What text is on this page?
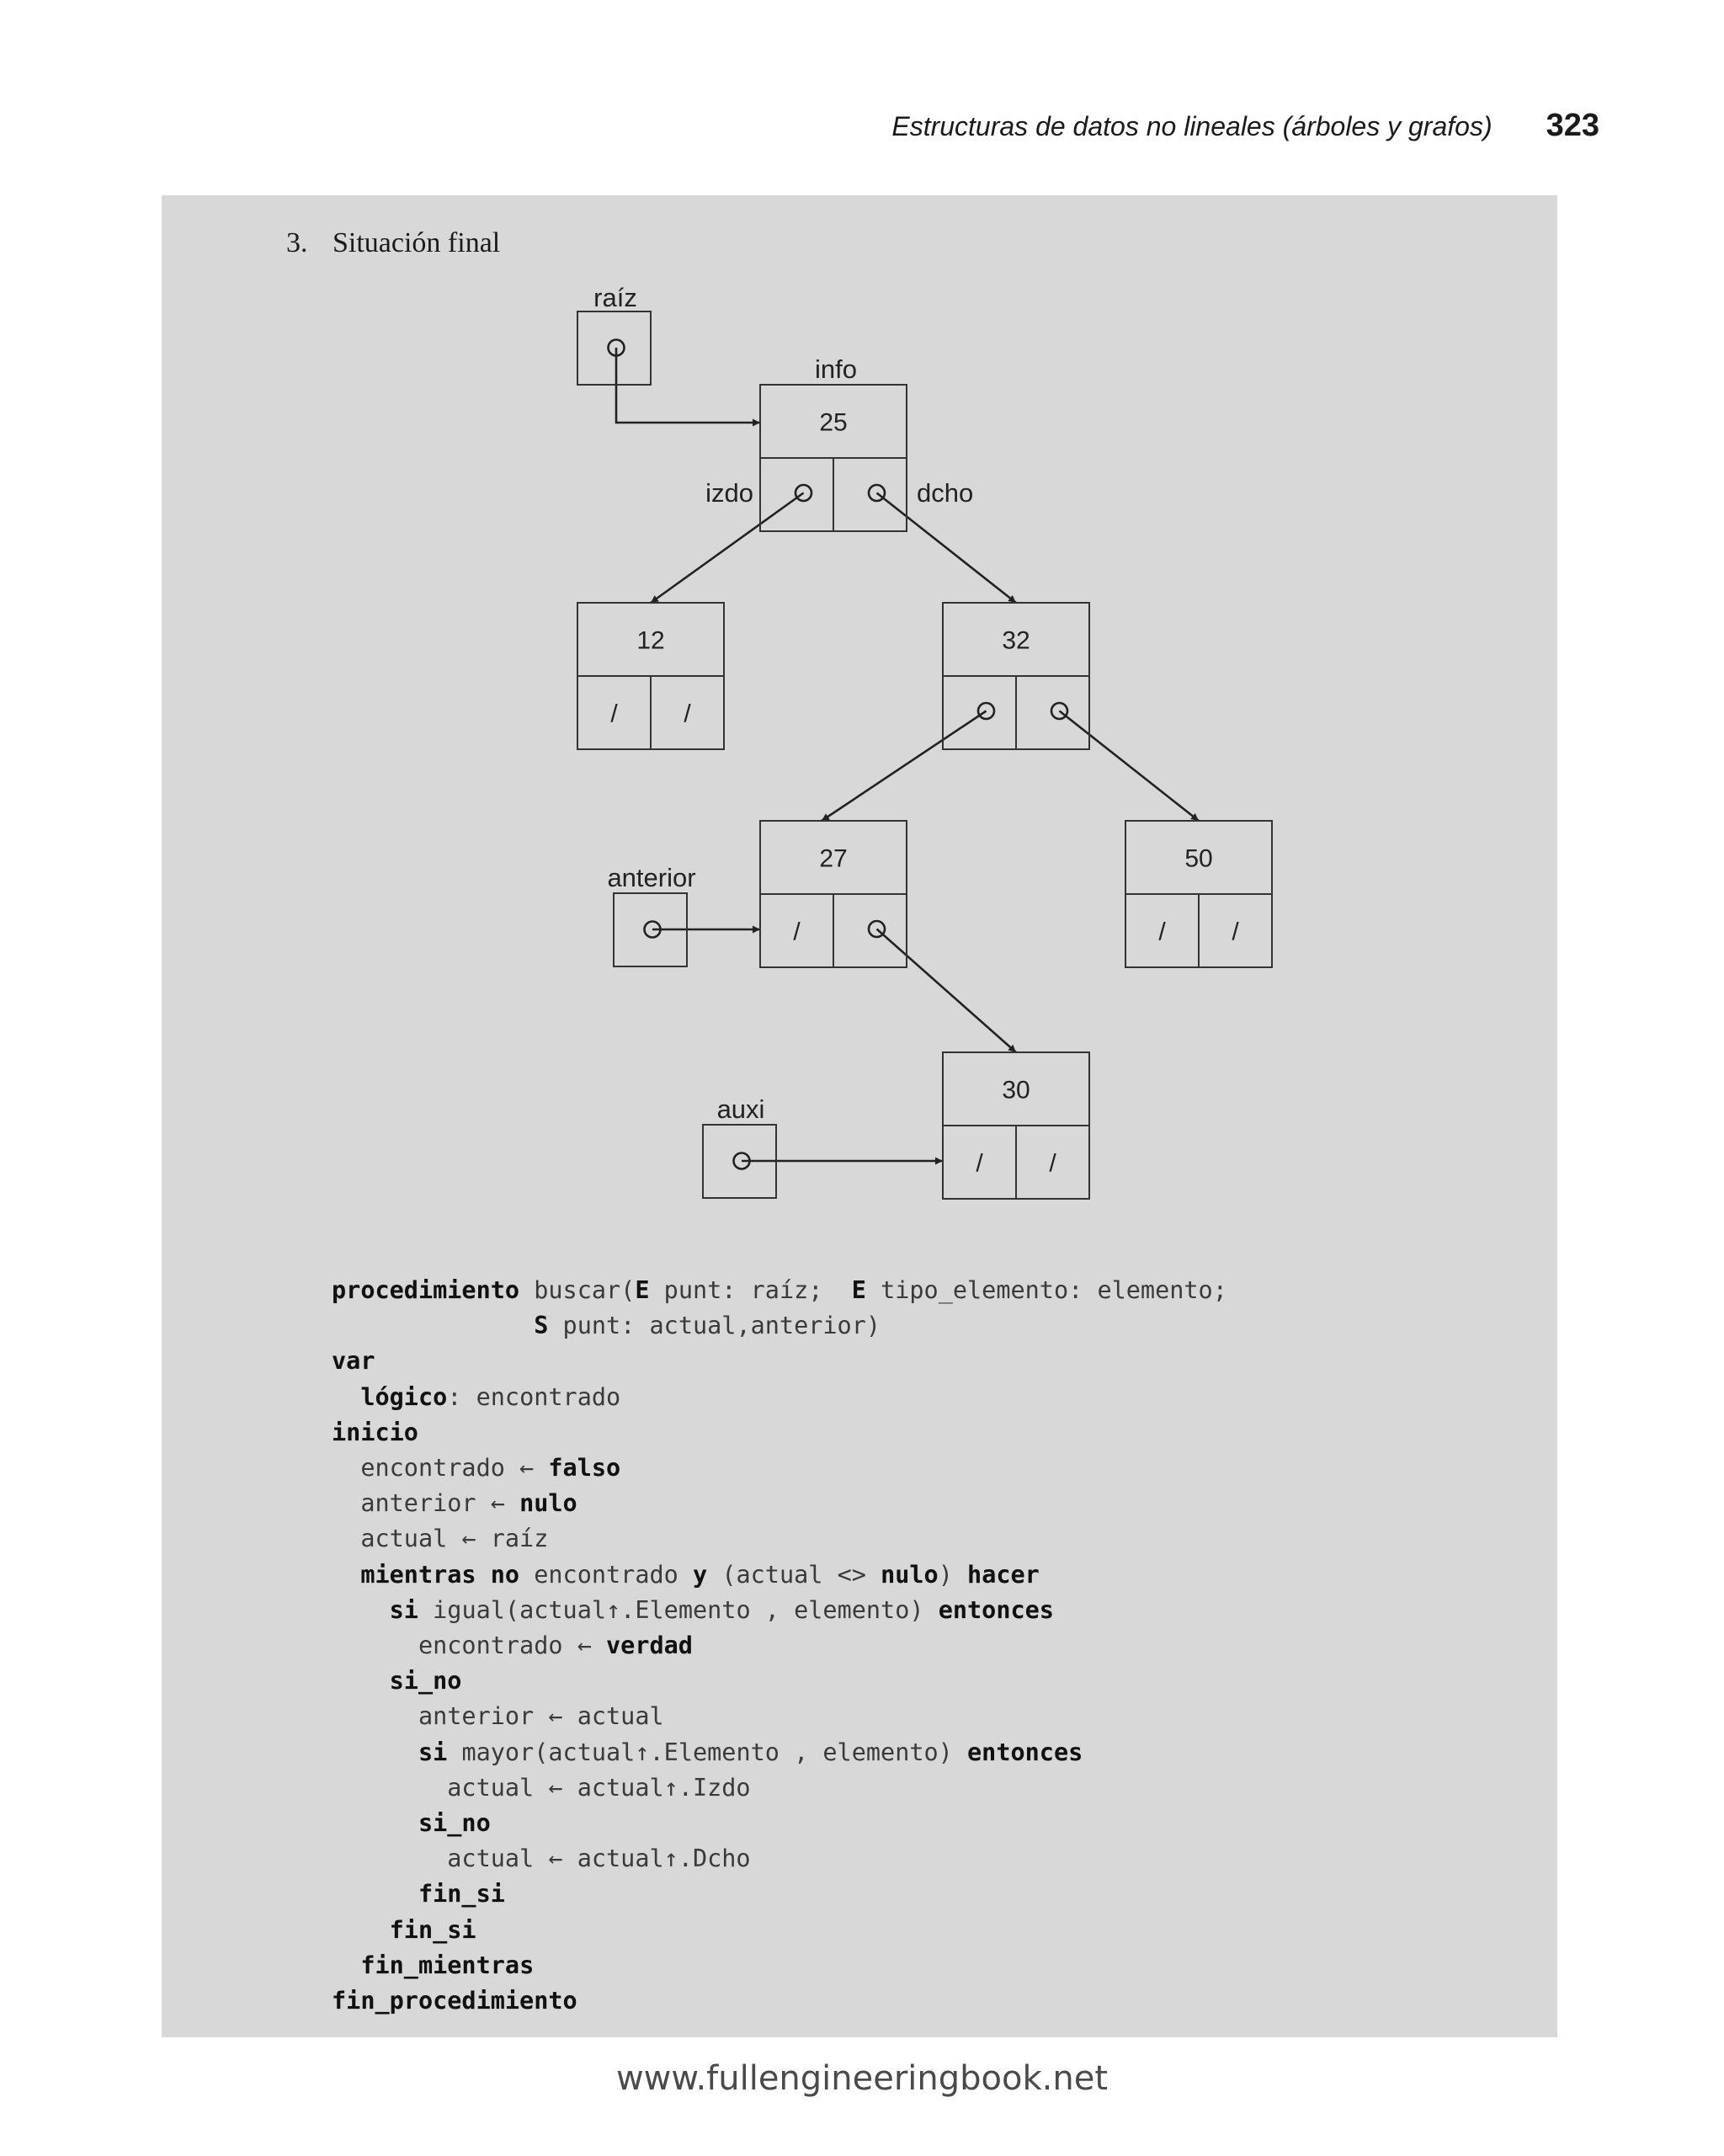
Estructuras de datos no lineales (árboles y grafos) 323
3. Situación final
25
12
/	/
32
27
/
50
/	/
30
/	/
raíz
info
izdo	dcho
anterior
auxi
procedimiento buscar(E punt: raíz;  E tipo_elemento: elemento;
S punt: actual,anterior)
var
lógico: encontrado
inicio
encontrado ← falso
anterior ← nulo
actual ← raíz
mientras no encontrado y (actual <> nulo) hacer
si igual(actual↑.Elemento , elemento) entonces
encontrado ← verdad
si_no
anterior ← actual
si mayor(actual↑.Elemento , elemento) entonces
actual ← actual↑.Izdo
si_no
actual ← actual↑.Dcho
fin_si
fin_si
fin_mientras
fin_procedimiento
www.fullengineeringbook.net
